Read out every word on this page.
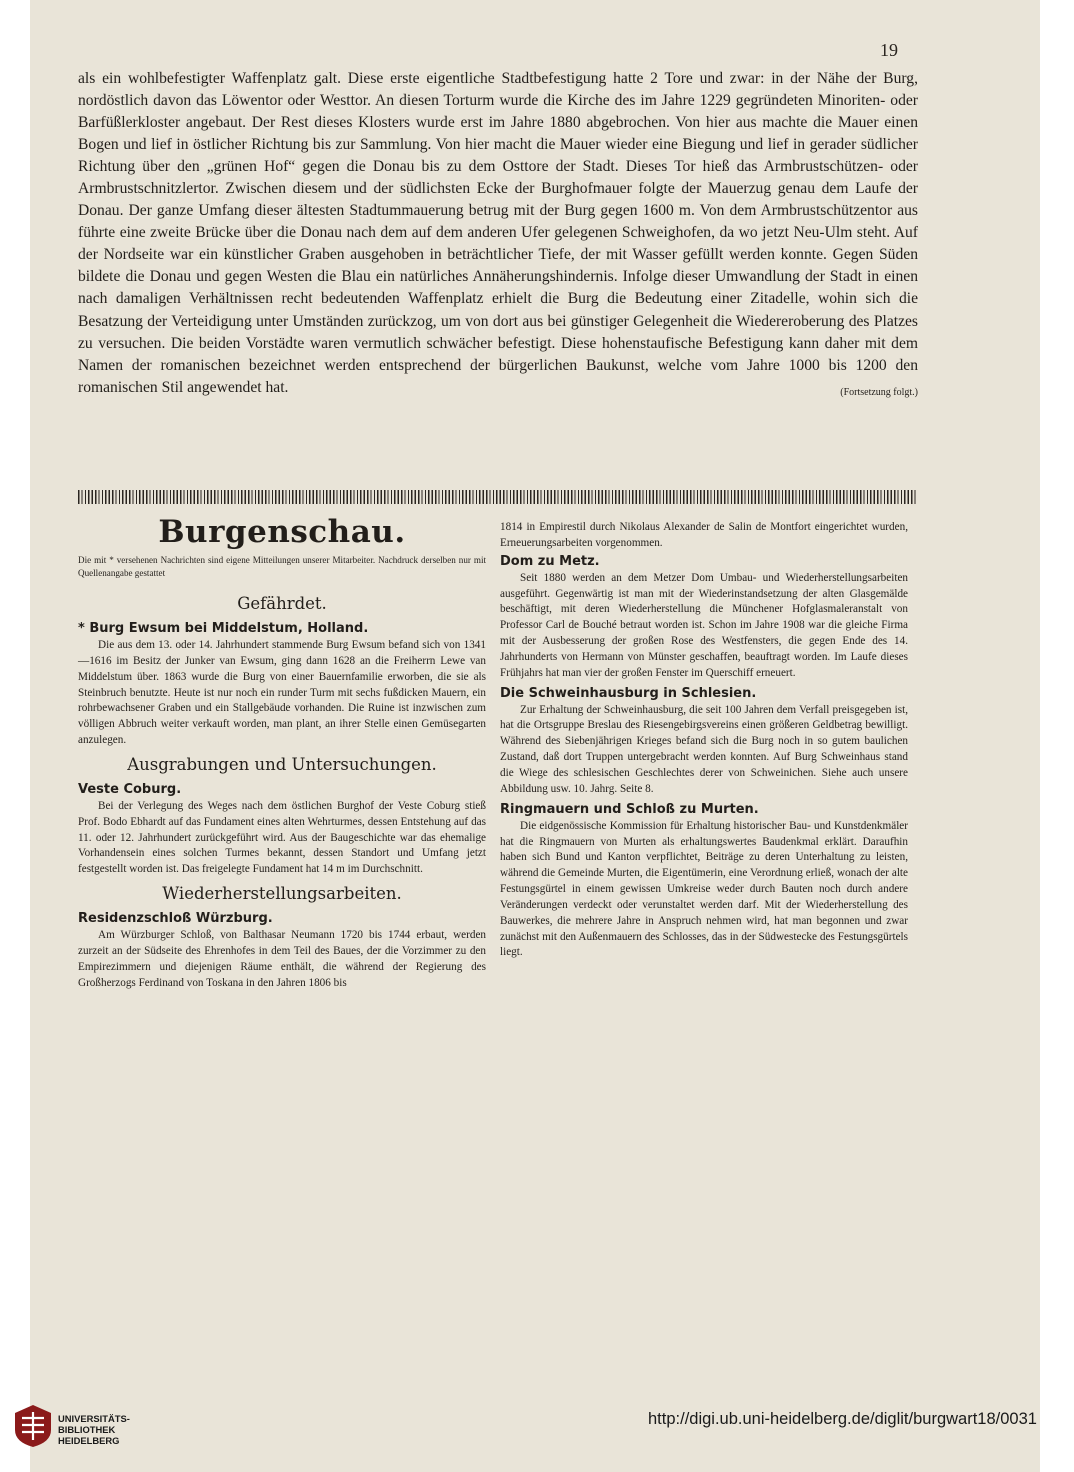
19
als ein wohlbefestigter Waffenplatz galt. Diese erste eigentliche Stadtbefestigung hatte 2 Tore und zwar: in der Nähe der Burg, nordöstlich davon das Löwentor oder Westtor. An diesen Torturm wurde die Kirche des im Jahre 1229 gegründeten Minoriten- oder Barfüßlerkloster angebaut. Der Rest dieses Klosters wurde erst im Jahre 1880 abgebrochen. Von hier aus machte die Mauer einen Bogen und lief in östlicher Richtung bis zur Sammlung. Von hier macht die Mauer wieder eine Biegung und lief in gerader südlicher Richtung über den „grünen Hof“ gegen die Donau bis zu dem Osttore der Stadt. Dieses Tor hieß das Armbrustschützen- oder Armbrustschnitzlertor. Zwischen diesem und der südlichsten Ecke der Burghofmauer folgte der Mauerzug genau dem Laufe der Donau. Der ganze Umfang dieser ältesten Stadtummauerung betrug mit der Burg gegen 1600 m. Von dem Armbrustschützentor aus führte eine zweite Brücke über die Donau nach dem auf dem anderen Ufer gelegenen Schweighofen, da wo jetzt Neu-Ulm steht. Auf der Nordseite war ein künstlicher Graben ausgehoben in beträchtlicher Tiefe, der mit Wasser gefüllt werden konnte. Gegen Süden bildete die Donau und gegen Westen die Blau ein natürliches Annäherungshindernis. Infolge dieser Umwandlung der Stadt in einen nach damaligen Verhältnissen recht bedeutenden Waffenplatz erhielt die Burg die Bedeutung einer Zitadelle, wohin sich die Besatzung der Verteidigung unter Umständen zurückzog, um von dort aus bei günstiger Gelegenheit die Wiedereroberung des Platzes zu versuchen. Die beiden Vorstädte waren vermutlich schwächer befestigt. Diese hohenstaufische Befestigung kann daher mit dem Namen der romanischen bezeichnet werden entsprechend der bürgerlichen Baukunst, welche vom Jahre 1000 bis 1200 den romanischen Stil angewendet hat.	(Fortsetzung folgt.)
Burgenschau.
Die mit * versehenen Nachrichten sind eigene Mitteilungen unserer Mitarbeiter. Nachdruck derselben nur mit Quellenangabe gestattet
Gefährdet.
* Burg Ewsum bei Middelstum, Holland.

Die aus dem 13. oder 14. Jahrhundert stammende Burg Ewsum befand sich von 1341—1616 im Besitz der Junker van Ewsum, ging dann 1628 an die Freiherrn Lewe van Middelstum über. 1863 wurde die Burg von einer Bauernfamilie erworben, die sie als Steinbruch benutzte. Heute ist nur noch ein runder Turm mit sechs fußdicken Mauern, ein rohrbewachsener Graben und ein Stallgebäude vorhanden. Die Ruine ist inzwischen zum völligen Abbruch weiter verkauft worden, man plant, an ihrer Stelle einen Gemüsegarten anzulegen.

Ausgrabungen und Untersuchungen.
Veste Coburg.

Bei der Verlegung des Weges nach dem östlichen Burghof der Veste Coburg stieß Prof. Bodo Ebhardt auf das Fundament eines alten Wehrturmes, dessen Entstehung auf das 11. oder 12. Jahrhundert zurückgeführt wird. Aus der Baugeschichte war das ehemalige Vorhandensein eines solchen Turmes bekannt, dessen Standort und Umfang jetzt festgestellt worden ist. Das freigelegte Fundament hat 14 m im Durchschnitt.

Wiederherstellungsarbeiten.
Residenzschloß Würzburg.

Am Würzburger Schloß, von Balthasar Neumann 1720 bis 1744 erbaut, werden zurzeit an der Südseite des Ehrenhofes in dem Teil des Baues, der die Vorzimmer zu den Empirezimmern und diejenigen Räume enthält, die während der Regierung des Großherzogs Ferdinand von Toskana in den Jahren 1806 bis

1814 in Empirestil durch Nikolaus Alexander de Salin de Montfort eingerichtet wurden, Erneuerungsarbeiten vorgenommen.

Dom zu Metz.

Seit 1880 werden an dem Metzer Dom Umbau- und Wiederherstellungsarbeiten ausgeführt. Gegenwärtig ist man mit der Wiederinstandsetzung der alten Glasgemälde beschäftigt, mit deren Wiederherstellung die Münchener Hofglasmaleranstalt von Professor Carl de Bouché betraut worden ist. Schon im Jahre 1908 war die gleiche Firma mit der Ausbesserung der großen Rose des Westfensters, die gegen Ende des 14. Jahrhunderts von Hermann von Münster geschaffen, beauftragt worden. Im Laufe dieses Frühjahrs hat man vier der großen Fenster im Querschiff erneuert.

Die Schweinhausburg in Schlesien.

Zur Erhaltung der Schweinhausburg, die seit 100 Jahren dem Verfall preisgegeben ist, hat die Ortsgruppe Breslau des Riesengebirgsvereins einen größeren Geldbetrag bewilligt. Während des Siebenjährigen Krieges befand sich die Burg noch in so gutem baulichen Zustand, daß dort Truppen untergebracht werden konnten. Auf Burg Schweinhaus stand die Wiege des schlesischen Geschlechtes derer von Schweinichen. Siehe auch unsere Abbildung usw. 10. Jahrg. Seite 8.

Ringmauern und Schloß zu Murten.

Die eidgenössische Kommission für Erhaltung historischer Bau- und Kunstdenkmäler hat die Ringmauern von Murten als erhaltungswertes Baudenkmal erklärt. Daraufhin haben sich Bund und Kanton verpflichtet, Beiträge zu deren Unterhaltung zu leisten, während die Gemeinde Murten, die Eigentümerin, eine Verordnung erließ, wonach der alte Festungsgürtel in einem gewissen Umkreise weder durch Bauten noch durch andere Veränderungen verdeckt oder verunstaltet werden darf. Mit der Wiederherstellung des Bauwerkes, die mehrere Jahre in Anspruch nehmen wird, hat man begonnen und zwar zunächst mit den Außenmauern des Schlosses, das in der Südwestecke des Festungsgürtels liegt.

UNIVERSITÄTS-
BIBLIOTHEK
HEIDELBERG
http://digi.ub.uni-heidelberg.de/diglit/burgwart18/0031
